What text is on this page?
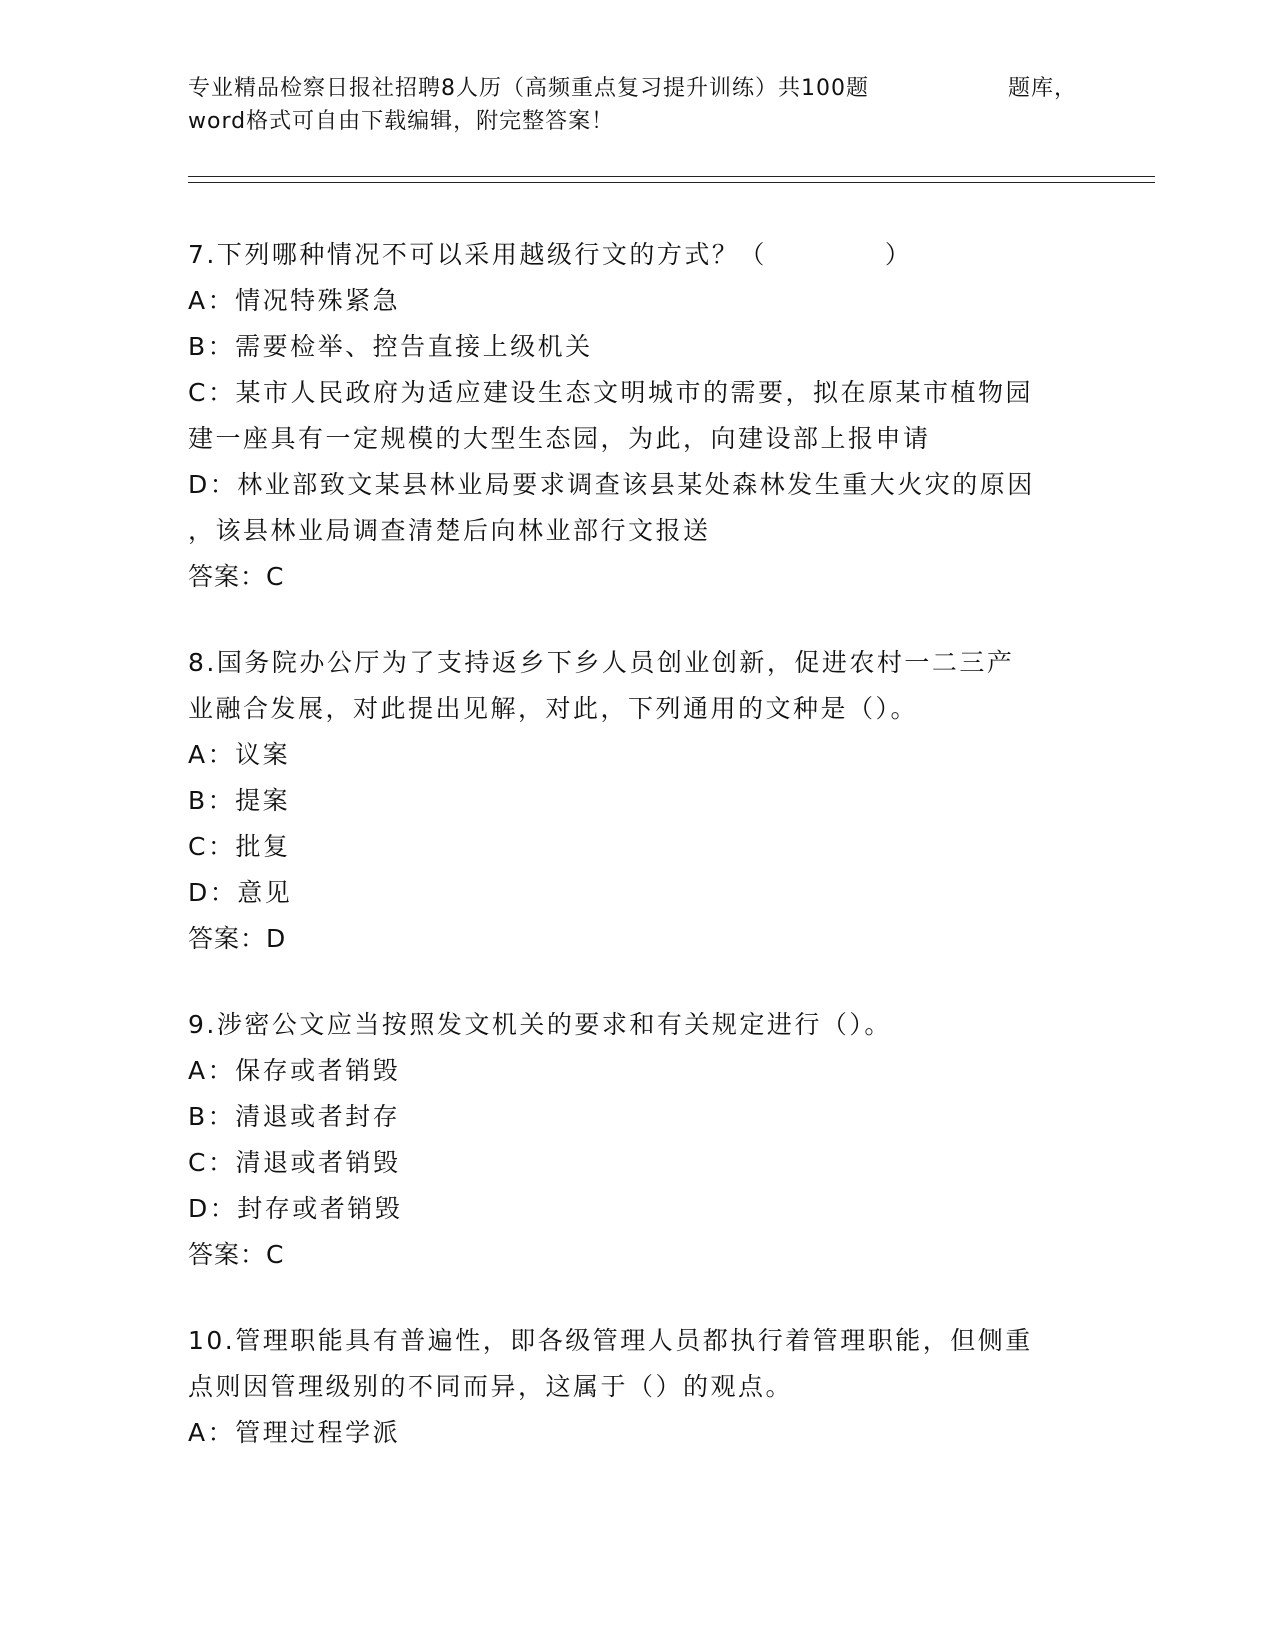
专业精品检察日报社招聘8人历（高频重点复习提升训练）共100题	题库，
word格式可自由下载编辑，附完整答案！
7.下列哪种情况不可以采用越级行文的方式？（	）
A：情况特殊紧急
B：需要检举、控告直接上级机关
C：某市人民政府为适应建设生态文明城市的需要，拟在原某市植物园
建一座具有一定规模的大型生态园，为此，向建设部上报申请
D：林业部致文某县林业局要求调查该县某处森林发生重大火灾的原因
，该县林业局调查清楚后向林业部行文报送
答案：C
8.国务院办公厅为了支持返乡下乡人员创业创新，促进农村一二三产
业融合发展，对此提出见解，对此，下列通用的文种是（）。
A：议案
B：提案
C：批复
D：意见
答案：D
9.涉密公文应当按照发文机关的要求和有关规定进行（）。
A：保存或者销毁
B：清退或者封存
C：清退或者销毁
D：封存或者销毁
答案：C
10.管理职能具有普遍性，即各级管理人员都执行着管理职能，但侧重
点则因管理级别的不同而异，这属于（）的观点。
A：管理过程学派
